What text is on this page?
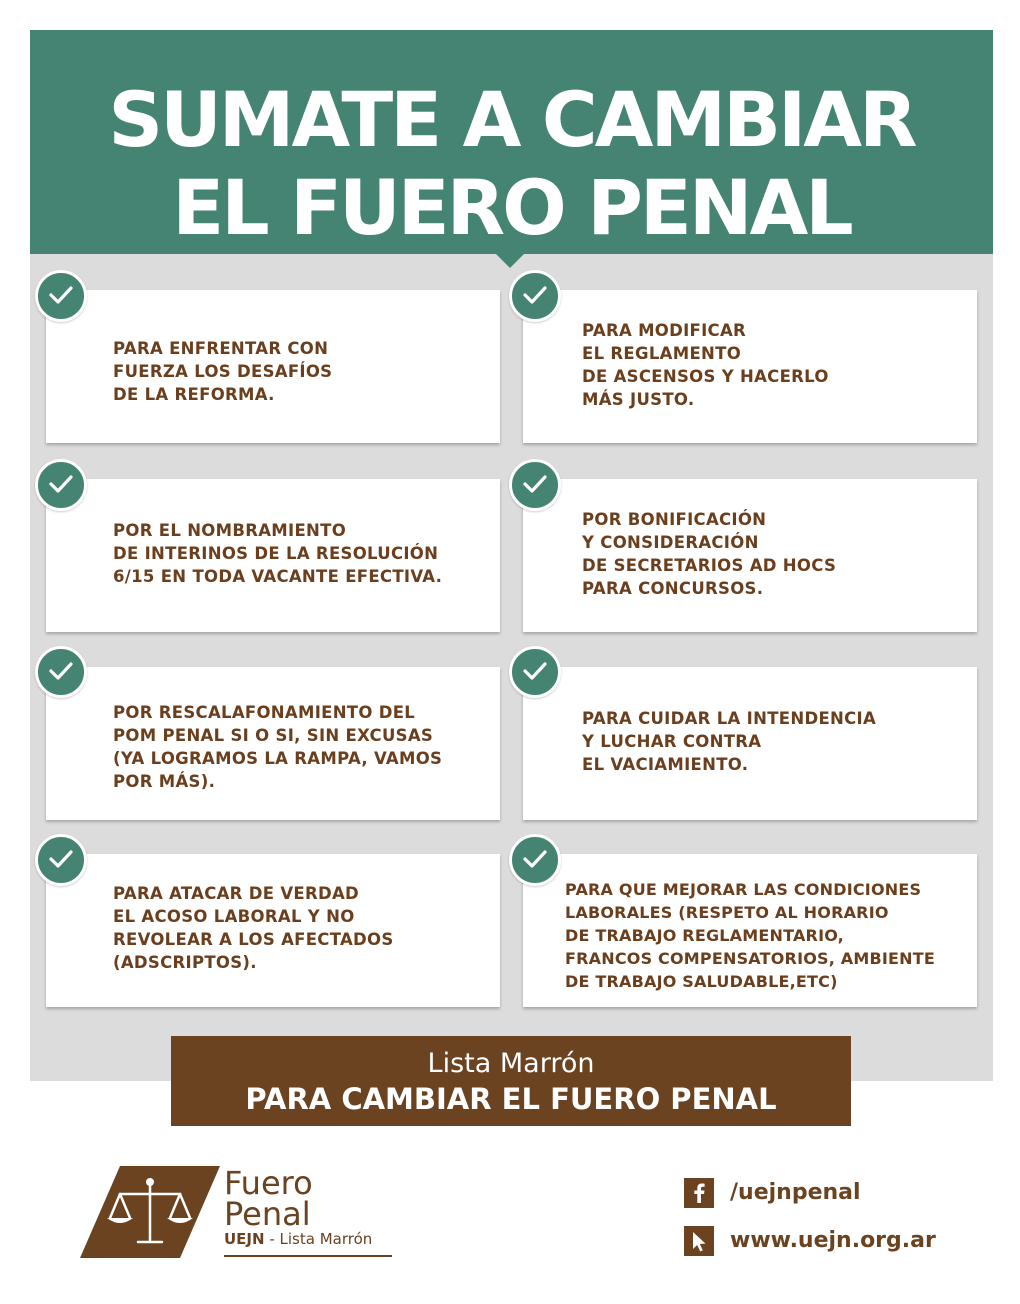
SUMATE A CAMBIAR
EL FUERO PENAL
PARA ENFRENTAR CON
FUERZA LOS DESAFÍOS
DE LA REFORMA.
PARA MODIFICAR
EL REGLAMENTO
DE ASCENSOS Y HACERLO
MÁS JUSTO.
POR EL NOMBRAMIENTO
DE INTERINOS DE LA RESOLUCIÓN
6/15 EN TODA VACANTE EFECTIVA.
POR BONIFICACIÓN
Y CONSIDERACIÓN
DE SECRETARIOS AD HOCS
PARA CONCURSOS.
POR RESCALAFONAMIENTO DEL
POM PENAL SI O SI, SIN EXCUSAS
(YA LOGRAMOS LA RAMPA, VAMOS
POR MÁS).
PARA CUIDAR LA INTENDENCIA
Y LUCHAR CONTRA
EL VACIAMIENTO.
PARA ATACAR DE VERDAD
EL ACOSO LABORAL Y NO
REVOLEAR A LOS AFECTADOS
(ADSCRIPTOS).
PARA QUE MEJORAR LAS CONDICIONES
LABORALES (RESPETO AL HORARIO
DE TRABAJO REGLAMENTARIO,
FRANCOS COMPENSATORIOS, AMBIENTE
DE TRABAJO SALUDABLE,ETC)
Lista Marrón
PARA CAMBIAR EL FUERO PENAL
Fuero
Penal
UEJN - Lista Marrón
/uejnpenal
www.uejn.org.ar
